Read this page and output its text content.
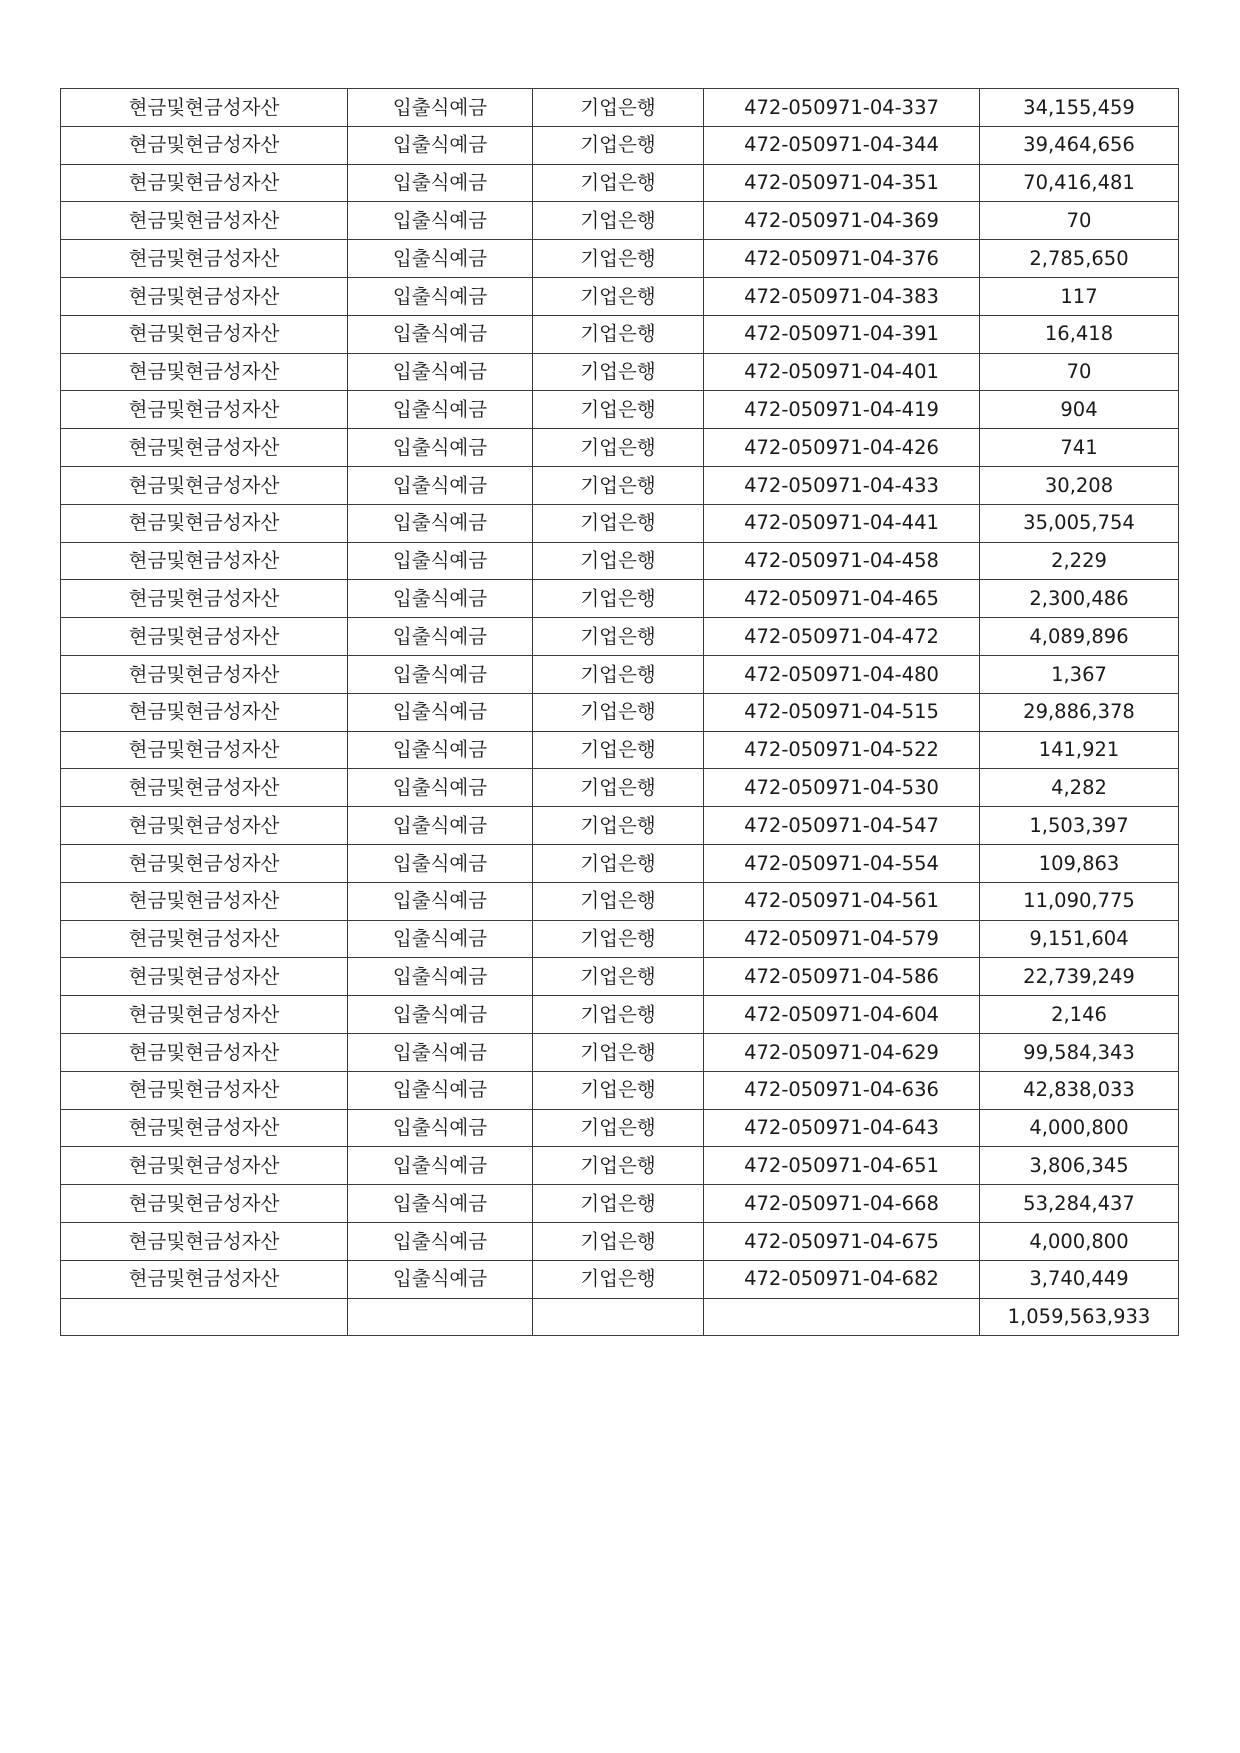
현금및현금성자산	입출식예금	기업은행	472-050971-04-337	34,155,459
현금및현금성자산	입출식예금	기업은행	472-050971-04-344	39,464,656
현금및현금성자산	입출식예금	기업은행	472-050971-04-351	70,416,481
현금및현금성자산	입출식예금	기업은행	472-050971-04-369	70
현금및현금성자산	입출식예금	기업은행	472-050971-04-376	2,785,650
현금및현금성자산	입출식예금	기업은행	472-050971-04-383	117
현금및현금성자산	입출식예금	기업은행	472-050971-04-391	16,418
현금및현금성자산	입출식예금	기업은행	472-050971-04-401	70
현금및현금성자산	입출식예금	기업은행	472-050971-04-419	904
현금및현금성자산	입출식예금	기업은행	472-050971-04-426	741
현금및현금성자산	입출식예금	기업은행	472-050971-04-433	30,208
현금및현금성자산	입출식예금	기업은행	472-050971-04-441	35,005,754
현금및현금성자산	입출식예금	기업은행	472-050971-04-458	2,229
현금및현금성자산	입출식예금	기업은행	472-050971-04-465	2,300,486
현금및현금성자산	입출식예금	기업은행	472-050971-04-472	4,089,896
현금및현금성자산	입출식예금	기업은행	472-050971-04-480	1,367
현금및현금성자산	입출식예금	기업은행	472-050971-04-515	29,886,378
현금및현금성자산	입출식예금	기업은행	472-050971-04-522	141,921
현금및현금성자산	입출식예금	기업은행	472-050971-04-530	4,282
현금및현금성자산	입출식예금	기업은행	472-050971-04-547	1,503,397
현금및현금성자산	입출식예금	기업은행	472-050971-04-554	109,863
현금및현금성자산	입출식예금	기업은행	472-050971-04-561	11,090,775
현금및현금성자산	입출식예금	기업은행	472-050971-04-579	9,151,604
현금및현금성자산	입출식예금	기업은행	472-050971-04-586	22,739,249
현금및현금성자산	입출식예금	기업은행	472-050971-04-604	2,146
현금및현금성자산	입출식예금	기업은행	472-050971-04-629	99,584,343
현금및현금성자산	입출식예금	기업은행	472-050971-04-636	42,838,033
현금및현금성자산	입출식예금	기업은행	472-050971-04-643	4,000,800
현금및현금성자산	입출식예금	기업은행	472-050971-04-651	3,806,345
현금및현금성자산	입출식예금	기업은행	472-050971-04-668	53,284,437
현금및현금성자산	입출식예금	기업은행	472-050971-04-675	4,000,800
현금및현금성자산	입출식예금	기업은행	472-050971-04-682	3,740,449
				1,059,563,933
